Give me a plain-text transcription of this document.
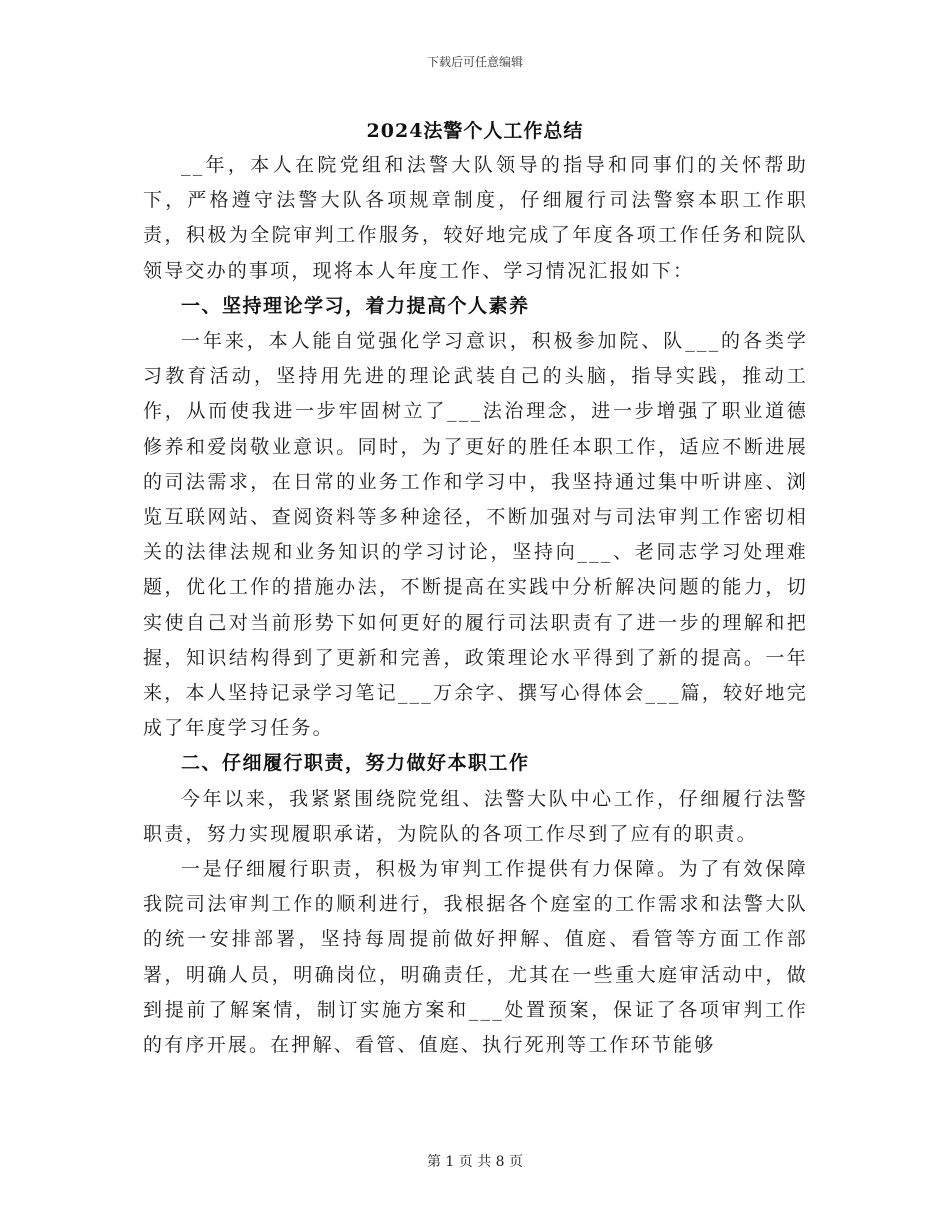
下载后可任意编辑
2024法警个人工作总结

__年，本人在院党组和法警大队领导的指导和同事们的关怀帮助下，严格遵守法警大队各项规章制度，仔细履行司法警察本职工作职责，积极为全院审判工作服务，较好地完成了年度各项工作任务和院队领导交办的事项，现将本人年度工作、学习情况汇报如下：

一、坚持理论学习，着力提高个人素养

一年来，本人能自觉强化学习意识，积极参加院、队___的各类学习教育活动，坚持用先进的理论武装自己的头脑，指导实践，推动工作，从而使我进一步牢固树立了___法治理念，进一步增强了职业道德修养和爱岗敬业意识。同时，为了更好的胜任本职工作，适应不断进展的司法需求，在日常的业务工作和学习中，我坚持通过集中听讲座、浏览互联网站、查阅资料等多种途径，不断加强对与司法审判工作密切相关的法律法规和业务知识的学习讨论，坚持向___、老同志学习处理难题，优化工作的措施办法，不断提高在实践中分析解决问题的能力，切实使自己对当前形势下如何更好的履行司法职责有了进一步的理解和把握，知识结构得到了更新和完善，政策理论水平得到了新的提高。一年来，本人坚持记录学习笔记___万余字、撰写心得体会___篇，较好地完成了年度学习任务。

二、仔细履行职责，努力做好本职工作

今年以来，我紧紧围绕院党组、法警大队中心工作，仔细履行法警职责，努力实现履职承诺，为院队的各项工作尽到了应有的职责。

一是仔细履行职责，积极为审判工作提供有力保障。为了有效保障我院司法审判工作的顺利进行，我根据各个庭室的工作需求和法警大队的统一安排部署，坚持每周提前做好押解、值庭、看管等方面工作部署，明确人员，明确岗位，明确责任，尤其在一些重大庭审活动中，做到提前了解案情，制订实施方案和___处置预案，保证了各项审判工作的有序开展。在押解、看管、值庭、执行死刑等工作环节能够

第 1 页 共 8 页
